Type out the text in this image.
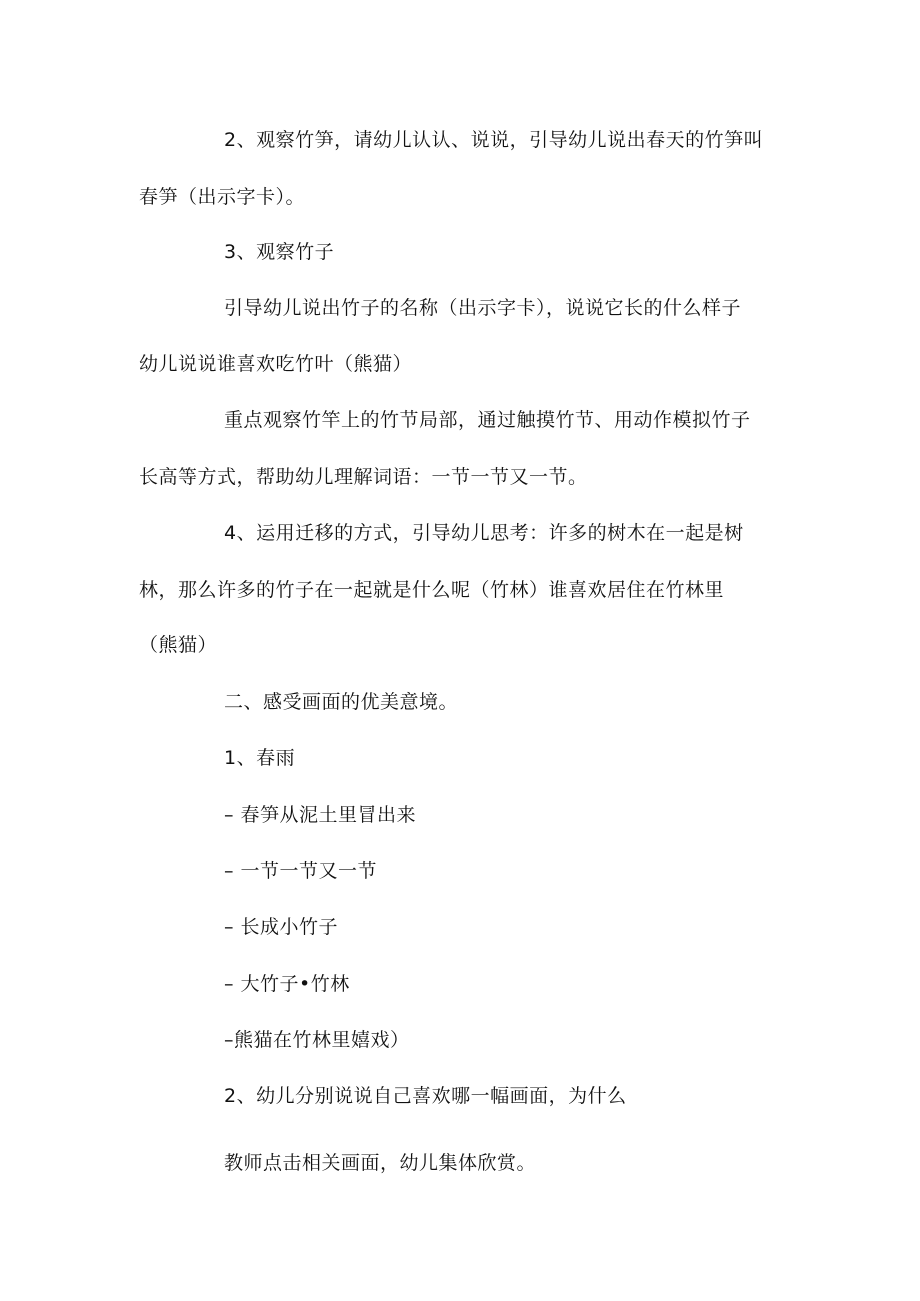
2、观察竹笋，请幼儿认认、说说，引导幼儿说出春天的竹笋叫

春笋（出示字卡）。

3、观察竹子

引导幼儿说出竹子的名称（出示字卡），说说它长的什么样子

幼儿说说谁喜欢吃竹叶（熊猫）

重点观察竹竿上的竹节局部，通过触摸竹节、用动作模拟竹子

长高等方式，帮助幼儿理解词语：一节一节又一节。

4、运用迁移的方式，引导幼儿思考：许多的树木在一起是树

林，那么许多的竹子在一起就是什么呢（竹林）谁喜欢居住在竹林里

（熊猫）

二、感受画面的优美意境。

1、春雨

– 春笋从泥土里冒出来

– 一节一节又一节

– 长成小竹子

– 大竹子•竹林

–熊猫在竹林里嬉戏）

2、幼儿分别说说自己喜欢哪一幅画面，为什么

教师点击相关画面，幼儿集体欣赏。
